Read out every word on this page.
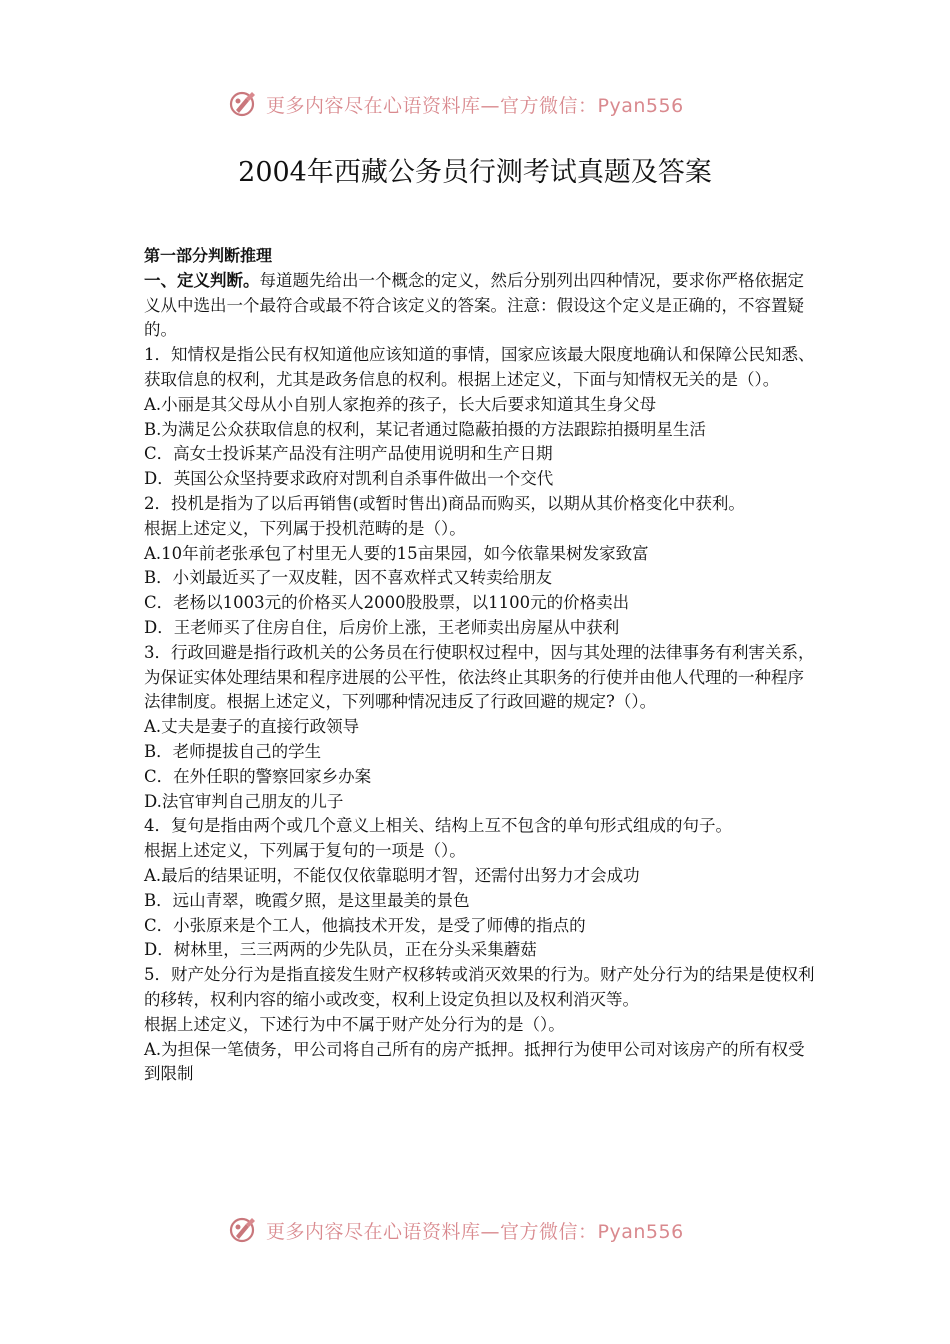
更多内容尽在心语资料库—官方微信：Pyan556
2004年西藏公务员行测考试真题及答案

第一部分判断推理

一、定义判断。每道题先给出一个概念的定义，然后分别列出四种情况，要求你严格依据定义从中选出一个最符合或最不符合该定义的答案。注意：假设这个定义是正确的，不容置疑的。

1．知情权是指公民有权知道他应该知道的事情，国家应该最大限度地确认和保障公民知悉、获取信息的权利，尤其是政务信息的权利。根据上述定义，下面与知情权无关的是（）。

A.小丽是其父母从小自别人家抱养的孩子，长大后要求知道其生身父母

B.为满足公众获取信息的权利，某记者通过隐蔽拍摄的方法跟踪拍摄明星生活

C．高女士投诉某产品没有注明产品使用说明和生产日期

D．英国公众坚持要求政府对凯利自杀事件做出一个交代

2．投机是指为了以后再销售(或暂时售出)商品而购买，以期从其价格变化中获利。

根据上述定义，下列属于投机范畴的是（）。

A.10年前老张承包了村里无人要的15亩果园，如今依靠果树发家致富

B．小刘最近买了一双皮鞋，因不喜欢样式又转卖给朋友

C．老杨以1003元的价格买人2000股股票，以1100元的价格卖出

D．王老师买了住房自住，后房价上涨，王老师卖出房屋从中获利

3．行政回避是指行政机关的公务员在行使职权过程中，因与其处理的法律事务有利害关系，为保证实体处理结果和程序进展的公平性，依法终止其职务的行使并由他人代理的一种程序法律制度。根据上述定义，下列哪种情况违反了行政回避的规定?（）。

A.丈夫是妻子的直接行政领导

B．老师提拔自己的学生

C．在外任职的警察回家乡办案

D.法官审判自己朋友的儿子

4．复句是指由两个或几个意义上相关、结构上互不包含的单句形式组成的句子。

根据上述定义，下列属于复句的一项是（）。

A.最后的结果证明，不能仅仅依靠聪明才智，还需付出努力才会成功

B．远山青翠，晚霞夕照，是这里最美的景色

C．小张原来是个工人，他搞技术开发，是受了师傅的指点的

D．树林里，三三两两的少先队员，正在分头采集蘑菇

5．财产处分行为是指直接发生财产权移转或消灭效果的行为。财产处分行为的结果是使权利的移转，权利内容的缩小或改变，权利上设定负担以及权利消灭等。

根据上述定义，下述行为中不属于财产处分行为的是（）。

A.为担保一笔债务，甲公司将自己所有的房产抵押。抵押行为使甲公司对该房产的所有权受到限制

更多内容尽在心语资料库—官方微信：Pyan556
